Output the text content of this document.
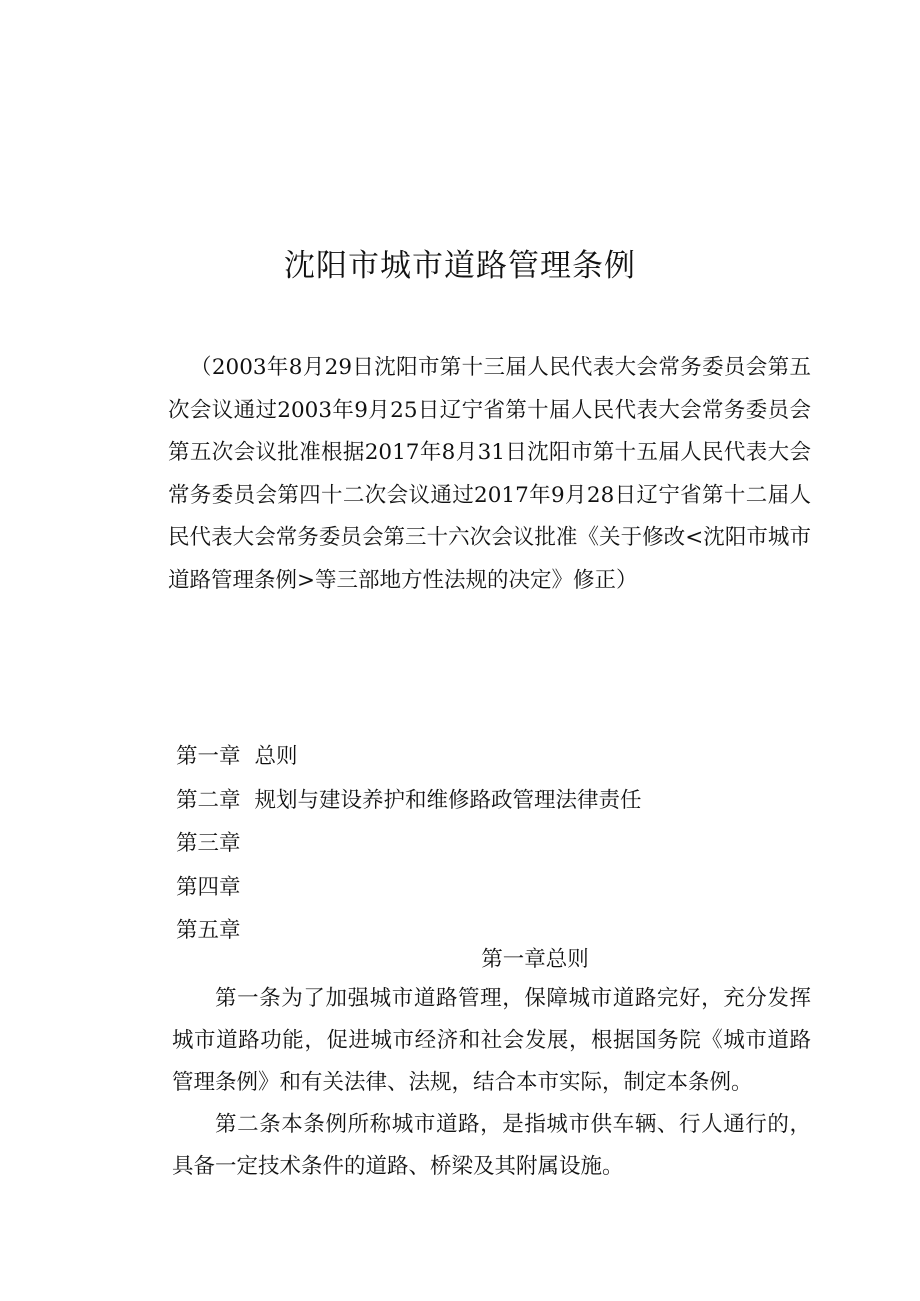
沈阳市城市道路管理条例

（2003年8月29日沈阳市第十三届人民代表大会常务委员会第五次会议通过2003年9月25日辽宁省第十届人民代表大会常务委员会第五次会议批准根据2017年8月31日沈阳市第十五届人民代表大会常务委员会第四十二次会议通过2017年9月28日辽宁省第十二届人民代表大会常务委员会第三十六次会议批准《关于修改<沈阳市城市道路管理条例>等三部地方性法规的决定》修正）

第一章 总则
第二章 规划与建设养护和维修路政管理法律责任
第三章
第四章
第五章
第一章总则

第一条为了加强城市道路管理，保障城市道路完好，充分发挥城市道路功能，促进城市经济和社会发展，根据国务院《城市道路管理条例》和有关法律、法规，结合本市实际，制定本条例。

第二条本条例所称城市道路，是指城市供车辆、行人通行的，具备一定技术条件的道路、桥梁及其附属设施。
